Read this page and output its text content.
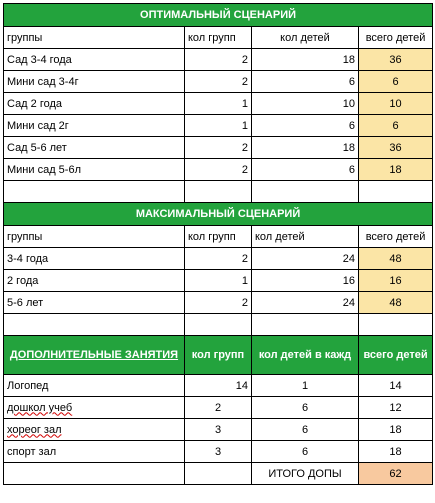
ОПТИМАЛЬНЫЙ СЦЕНАРИЙ			
группы	кол групп	кол детей	всего детей
Сад 3-4 года	2	18	36
Мини сад 3-4г	2	6	6
Сад 2 года	1	10	10
Мини сад 2г	1	6	6
Сад 5-6 лет	2	18	36
Мини сад 5-6л	2	6	18

МАКСИМАЛЬНЫЙ СЦЕНАРИЙ			
группы	кол групп	кол детей	всего детей
3-4 года	2	24	48
2 года	1	16	16
5-6 лет	2	24	48

ДОПОЛНИТЕЛЬНЫЕ ЗАНЯТИЯ	кол групп	кол детей в кажд	всего детей
Логопед	14	1	14
дошкол учеб	2	6	12
хореог зал	3	6	18
спорт зал	3	6	18
		ИТОГО ДОПЫ	62
